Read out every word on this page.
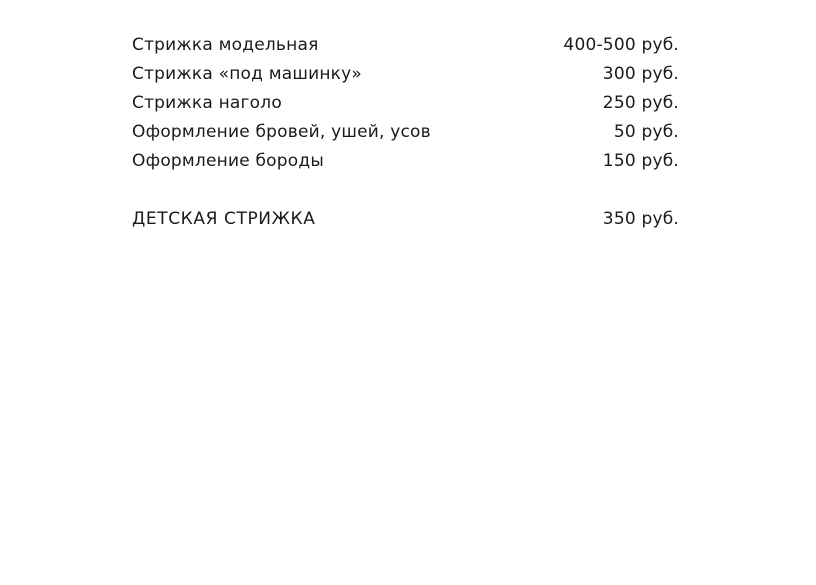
Стрижка модельная	400-500 руб.
Стрижка «под машинку»	300 руб.
Стрижка наголо	250 руб.
Оформление бровей, ушей, усов	50 руб.
Оформление бороды	150 руб.
ДЕТСКАЯ СТРИЖКА	350 руб.
